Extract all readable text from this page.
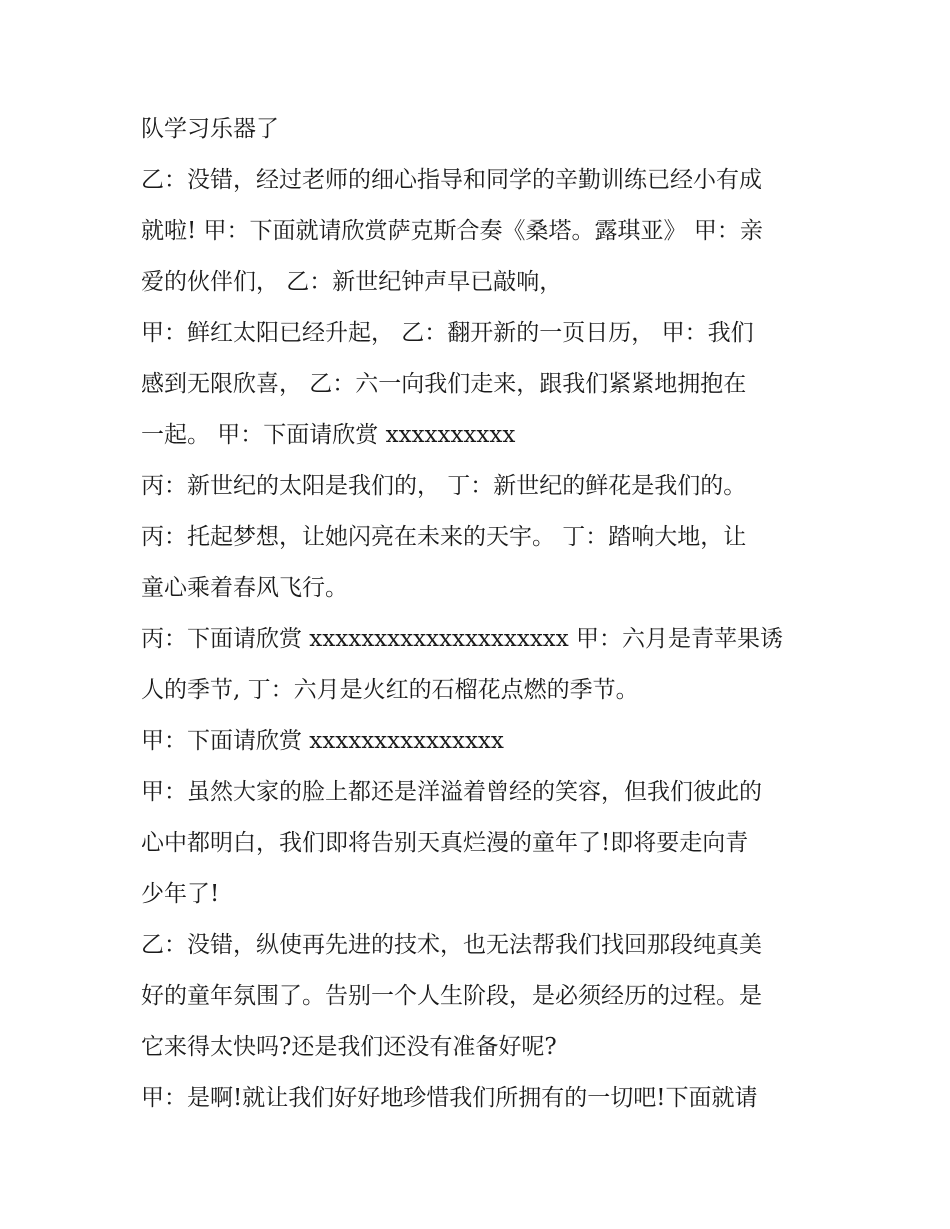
队学习乐器了
乙：没错，经过老师的细心指导和同学的辛勤训练已经小有成
就啦! 甲：下面就请欣赏萨克斯合奏《桑塔。露琪亚》 甲：亲
爱的伙伴们， 乙：新世纪钟声早已敲响，
甲：鲜红太阳已经升起， 乙：翻开新的一页日历， 甲：我们
感到无限欣喜， 乙：六一向我们走来，跟我们紧紧地拥抱在
一起。 甲：下面请欣赏 xxxxxxxxxx
丙：新世纪的太阳是我们的， 丁：新世纪的鲜花是我们的。
丙：托起梦想，让她闪亮在未来的天宇。 丁：踏响大地，让
童心乘着春风飞行。
丙：下面请欣赏 xxxxxxxxxxxxxxxxxxxx 甲：六月是青苹果诱
人的季节, 丁：六月是火红的石榴花点燃的季节。
甲：下面请欣赏 xxxxxxxxxxxxxxx
甲：虽然大家的脸上都还是洋溢着曾经的笑容，但我们彼此的
心中都明白，我们即将告别天真烂漫的童年了!即将要走向青
少年了!
乙：没错，纵使再先进的技术，也无法帮我们找回那段纯真美
好的童年氛围了。告别一个人生阶段，是必须经历的过程。是
它来得太快吗?还是我们还没有准备好呢?
甲：是啊!就让我们好好地珍惜我们所拥有的一切吧!下面就请
